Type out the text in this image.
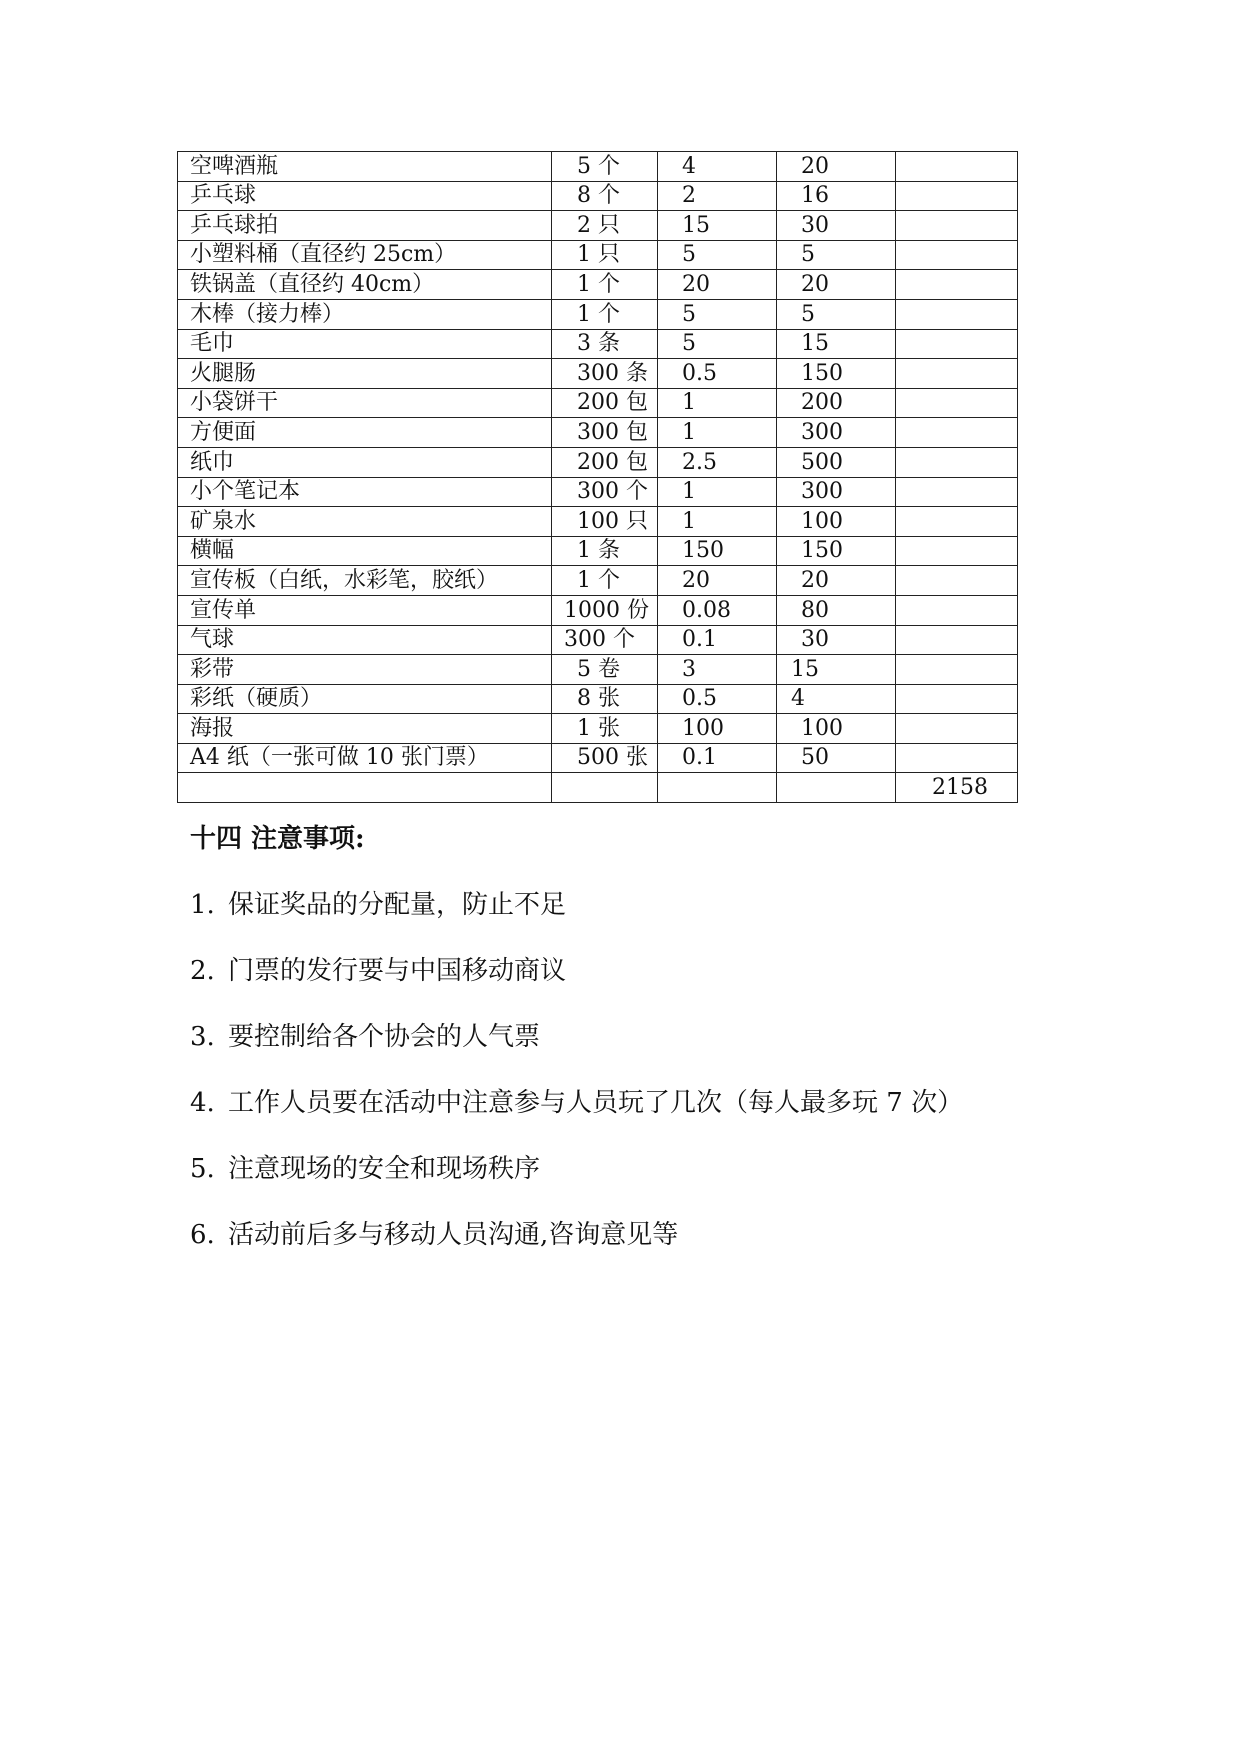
空啤酒瓶	5 个	4	20	
乒乓球	8 个	2	16	
乒乓球拍	2 只	15	30	
小塑料桶（直径约 25cm）	1 只	5	5	
铁锅盖（直径约 40cm）	1 个	20	20	
木棒（接力棒）	1 个	5	5	
毛巾	3 条	5	15	
火腿肠	300 条	0.5	150	
小袋饼干	200 包	1	200	
方便面	300 包	1	300	
纸巾	200 包	2.5	500	
小个笔记本	300 个	1	300	
矿泉水	100 只	1	100	
横幅	1 条	150	150	
宣传板（白纸，水彩笔，胶纸）	1 个	20	20	
宣传单	1000 份	0.08	80	
气球	300 个	0.1	30	
彩带	5 卷	3	15	
彩纸（硬质）	8 张	0.5	4	
海报	1 张	100	100	
A4 纸（一张可做 10 张门票）	500 张	0.1	50	
				2158
十四 注意事项:
1. 保证奖品的分配量，防止不足
2. 门票的发行要与中国移动商议
3. 要控制给各个协会的人气票
4. 工作人员要在活动中注意参与人员玩了几次（每人最多玩 7 次）
5. 注意现场的安全和现场秩序
6. 活动前后多与移动人员沟通,咨询意见等
